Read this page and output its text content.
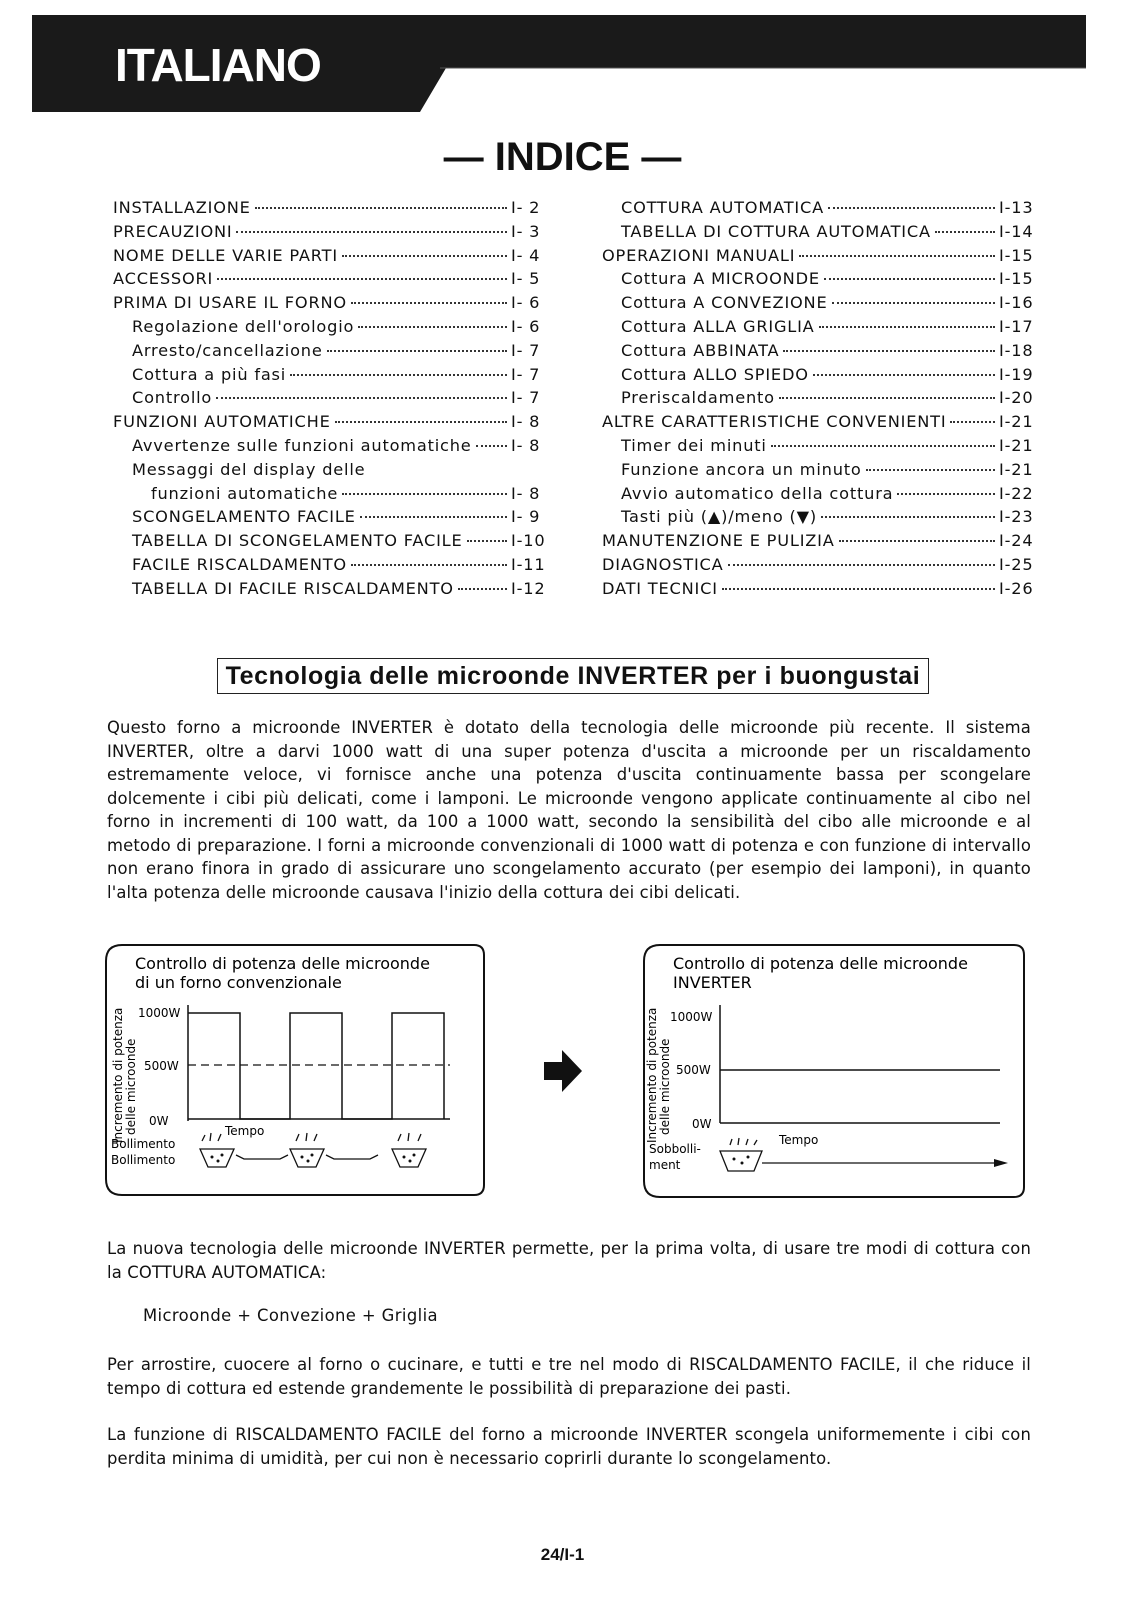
ITALIANO
— INDICE —
INSTALLAZIONE	I- 2
PRECAUZIONI	I- 3
NOME DELLE VARIE PARTI	I- 4
ACCESSORI	I- 5
PRIMA DI USARE IL FORNO	I- 6
Regolazione dell'orologio	I- 6
Arresto/cancellazione	I- 7
Cottura a più fasi	I- 7
Controllo	I- 7
FUNZIONI AUTOMATICHE	I- 8
Avvertenze sulle funzioni automatiche I- 8
Messaggi del display delle
funzioni automatiche	I- 8
SCONGELAMENTO FACILE	I- 9
TABELLA DI SCONGELAMENTO FACILE	I-10
FACILE RISCALDAMENTO	I-11
TABELLA DI FACILE RISCALDAMENTO	I-12
COTTURA AUTOMATICA	I-13
TABELLA DI COTTURA AUTOMATICA	I-14
OPERAZIONI MANUALI	I-15
Cottura A MICROONDE	I-15
Cottura A CONVEZIONE	I-16
Cottura ALLA GRIGLIA	I-17
Cottura ABBINATA	I-18
Cottura ALLO SPIEDO	I-19
Preriscaldamento	I-20
ALTRE CARATTERISTICHE CONVENIENTI	I-21
Timer dei minuti	I-21
Funzione ancora un minuto	I-21
Avvio automatico della cottura	I-22
Tasti più (▲)/meno (▼)	I-23
MANUTENZIONE E PULIZIA	I-24
DIAGNOSTICA	I-25
DATI TECNICI	I-26
Tecnologia delle microonde INVERTER per i buongustai
Questo forno a microonde INVERTER è dotato della tecnologia delle microonde più recente. Il sistema INVERTER, oltre a darvi 1000 watt di una super potenza d'uscita a microonde per un riscaldamento estremamente veloce, vi fornisce anche una potenza d'uscita continuamente bassa per scongelare dolcemente i cibi più delicati, come i lamponi. Le microonde vengono applicate continuamente al cibo nel forno in incrementi di 100 watt, da 100 a 1000 watt, secondo la sensibilità del cibo alle microonde e al metodo di preparazione. I forni a microonde convenzionali di 1000 watt di potenza e con funzione di intervallo non erano finora in grado di assicurare uno scongelamento accurato (per esempio dei lamponi), in quanto l'alta potenza delle microonde causava l'inizio della cottura dei cibi delicati.
Controllo di potenza delle microonde
di un forno convenzionale
Incremento di potenza delle microonde
1000W
500W
0W
Tempo
Bollimento
Bollimento
Controllo di potenza delle microonde
INVERTER
Incremento di potenza delle microonde
1000W
500W
0W
Tempo
Sobbolli-
ment
La nuova tecnologia delle microonde INVERTER permette, per la prima volta, di usare tre modi di cottura con la COTTURA AUTOMATICA:
Microonde + Convezione + Griglia
Per arrostire, cuocere al forno o cucinare, e tutti e tre nel modo di RISCALDAMENTO FACILE, il che riduce il tempo di cottura ed estende grandemente le possibilità di preparazione dei pasti.
La funzione di RISCALDAMENTO FACILE del forno a microonde INVERTER scongela uniformemente i cibi con perdita minima di umidità, per cui non è necessario coprirli durante lo scongelamento.
24/I-1
